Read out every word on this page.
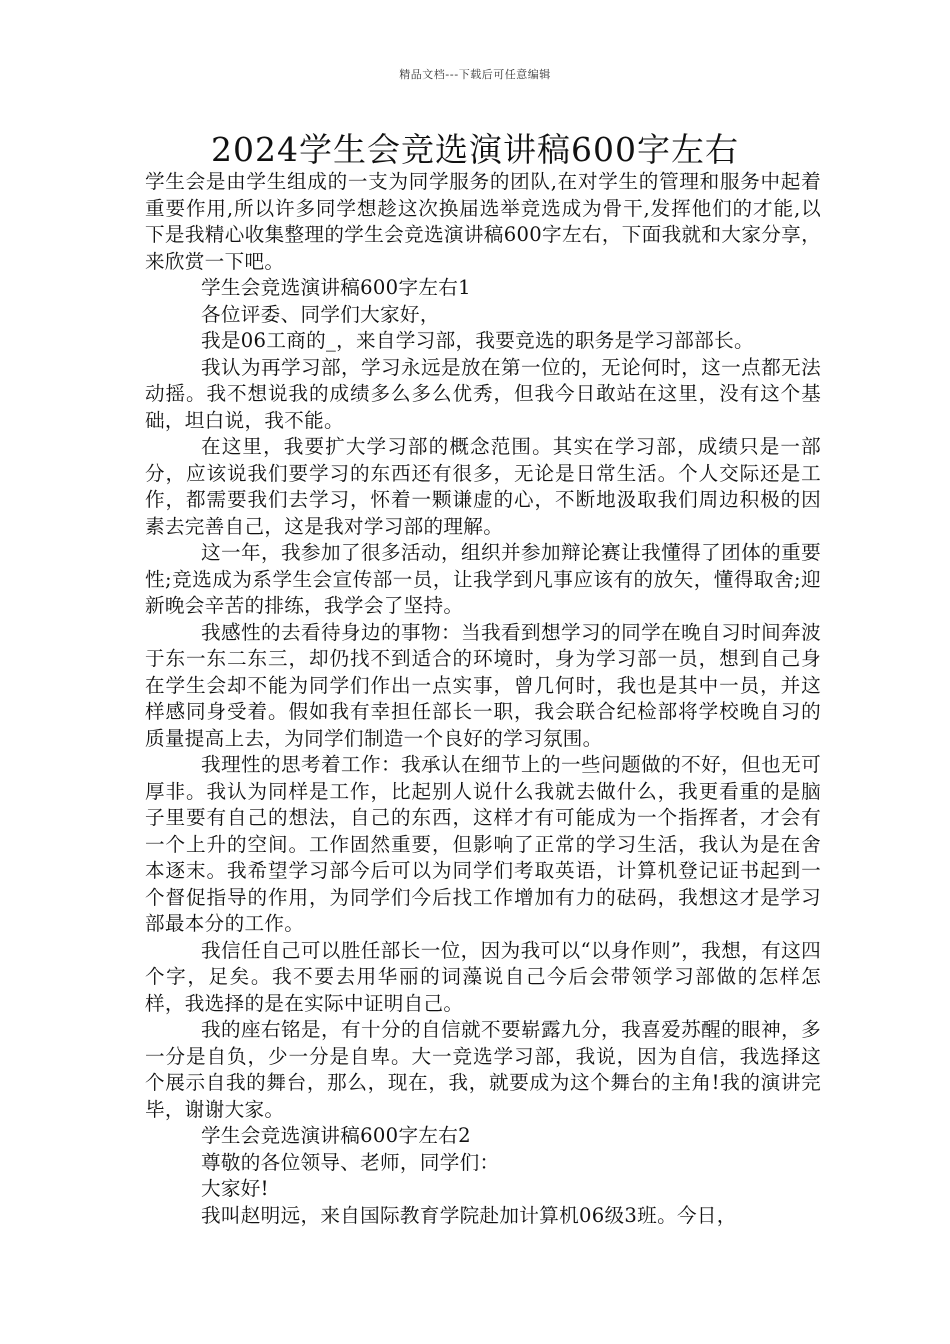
精品文档---下载后可任意编辑
2024学生会竞选演讲稿600字左右

学生会是由学生组成的一支为同学服务的团队,在对学生的管理和服务中起着重要作用,所以许多同学想趁这次换届选举竞选成为骨干,发挥他们的才能,以下是我精心收集整理的学生会竞选演讲稿600字左右，下面我就和大家分享，来欣赏一下吧。

学生会竞选演讲稿600字左右1

各位评委、同学们大家好，

我是06工商的_，来自学习部，我要竞选的职务是学习部部长。

我认为再学习部，学习永远是放在第一位的，无论何时，这一点都无法动摇。我不想说我的成绩多么多么优秀，但我今日敢站在这里，没有这个基础，坦白说，我不能。

在这里，我要扩大学习部的概念范围。其实在学习部，成绩只是一部分，应该说我们要学习的东西还有很多，无论是日常生活。个人交际还是工作，都需要我们去学习，怀着一颗谦虚的心，不断地汲取我们周边积极的因素去完善自己，这是我对学习部的理解。

这一年，我参加了很多活动，组织并参加辩论赛让我懂得了团体的重要性;竞选成为系学生会宣传部一员，让我学到凡事应该有的放矢，懂得取舍;迎新晚会辛苦的排练，我学会了坚持。

我感性的去看待身边的事物：当我看到想学习的同学在晚自习时间奔波于东一东二东三，却仍找不到适合的环境时，身为学习部一员，想到自己身在学生会却不能为同学们作出一点实事，曾几何时，我也是其中一员，并这样感同身受着。假如我有幸担任部长一职，我会联合纪检部将学校晚自习的质量提高上去，为同学们制造一个良好的学习氛围。

我理性的思考着工作：我承认在细节上的一些问题做的不好，但也无可厚非。我认为同样是工作，比起别人说什么我就去做什么，我更看重的是脑子里要有自己的想法，自己的东西，这样才有可能成为一个指挥者，才会有一个上升的空间。工作固然重要，但影响了正常的学习生活，我认为是在舍本逐末。我希望学习部今后可以为同学们考取英语，计算机登记证书起到一个督促指导的作用，为同学们今后找工作增加有力的砝码，我想这才是学习部最本分的工作。

我信任自己可以胜任部长一位，因为我可以“以身作则”，我想，有这四个字，足矣。我不要去用华丽的词藻说自己今后会带领学习部做的怎样怎样，我选择的是在实际中证明自己。

我的座右铭是，有十分的自信就不要崭露九分，我喜爱苏醒的眼神，多一分是自负，少一分是自卑。大一竞选学习部，我说，因为自信，我选择这个展示自我的舞台，那么，现在，我，就要成为这个舞台的主角!我的演讲完毕，谢谢大家。

学生会竞选演讲稿600字左右2

尊敬的各位领导、老师，同学们：

大家好!

我叫赵明远，来自国际教育学院赴加计算机06级3班。今日，
